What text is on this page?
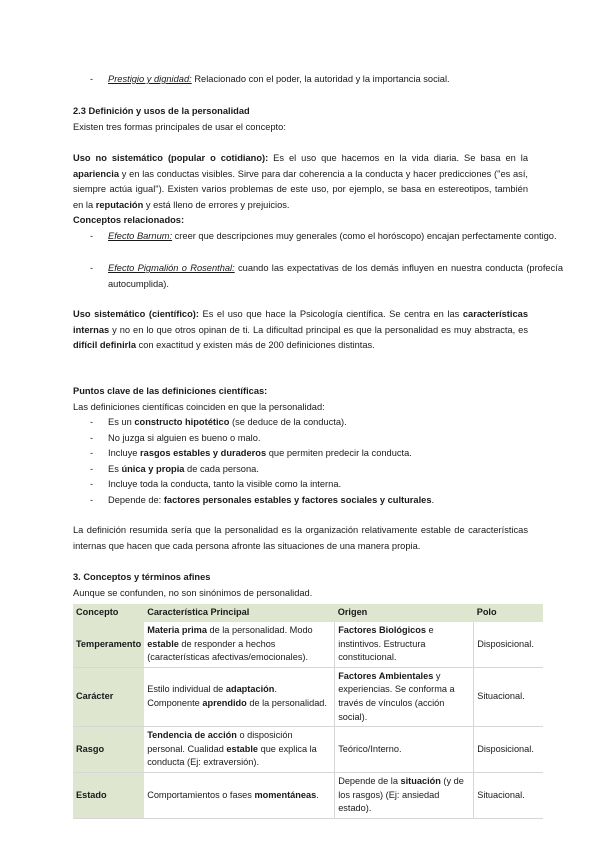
- Prestigio y dignidad: Relacionado con el poder, la autoridad y la importancia social.
2.3 Definición y usos de la personalidad
Existen tres formas principales de usar el concepto:
Uso no sistemático (popular o cotidiano): Es el uso que hacemos en la vida diaria. Se basa en la apariencia y en las conductas visibles. Sirve para dar coherencia a la conducta y hacer predicciones ("es así, siempre actúa igual"). Existen varios problemas de este uso, por ejemplo, se basa en estereotipos, también en la reputación y está lleno de errores y prejuicios.
Conceptos relacionados:
- Efecto Barnum: creer que descripciones muy generales (como el horóscopo) encajan perfectamente contigo.
- Efecto Pigmalión o Rosenthal: cuando las expectativas de los demás influyen en nuestra conducta (profecía autocumplida).
Uso sistemático (científico): Es el uso que hace la Psicología científica. Se centra en las características internas y no en lo que otros opinan de ti. La dificultad principal es que la personalidad es muy abstracta, es difícil definirla con exactitud y existen más de 200 definiciones distintas.
Puntos clave de las definiciones científicas:
Las definiciones científicas coinciden en que la personalidad:
- Es un constructo hipotético (se deduce de la conducta).
- No juzga si alguien es bueno o malo.
- Incluye rasgos estables y duraderos que permiten predecir la conducta.
- Es única y propia de cada persona.
- Incluye toda la conducta, tanto la visible como la interna.
- Depende de: factores personales estables y factores sociales y culturales.
La definición resumida sería que la personalidad es la organización relativamente estable de características internas que hacen que cada persona afronte las situaciones de una manera propia.
3. Conceptos y términos afines
Aunque se confunden, no son sinónimos de personalidad.
Concepto	Característica Principal	Origen	Polo
Temperamento	Materia prima de la personalidad. Modo estable de responder a hechos (características afectivas/emocionales).	Factores Biológicos e instintivos. Estructura constitucional.	Disposicional.
Carácter	Estilo individual de adaptación. Componente aprendido de la personalidad.	Factores Ambientales y experiencias. Se conforma a través de vínculos (acción social).	Situacional.
Rasgo	Tendencia de acción o disposición personal. Cualidad estable que explica la conducta (Ej: extraversión).	Teórico/Interno.	Disposicional.
Estado	Comportamientos o fases momentáneas.	Depende de la situación (y de los rasgos) (Ej: ansiedad estado).	Situacional.
